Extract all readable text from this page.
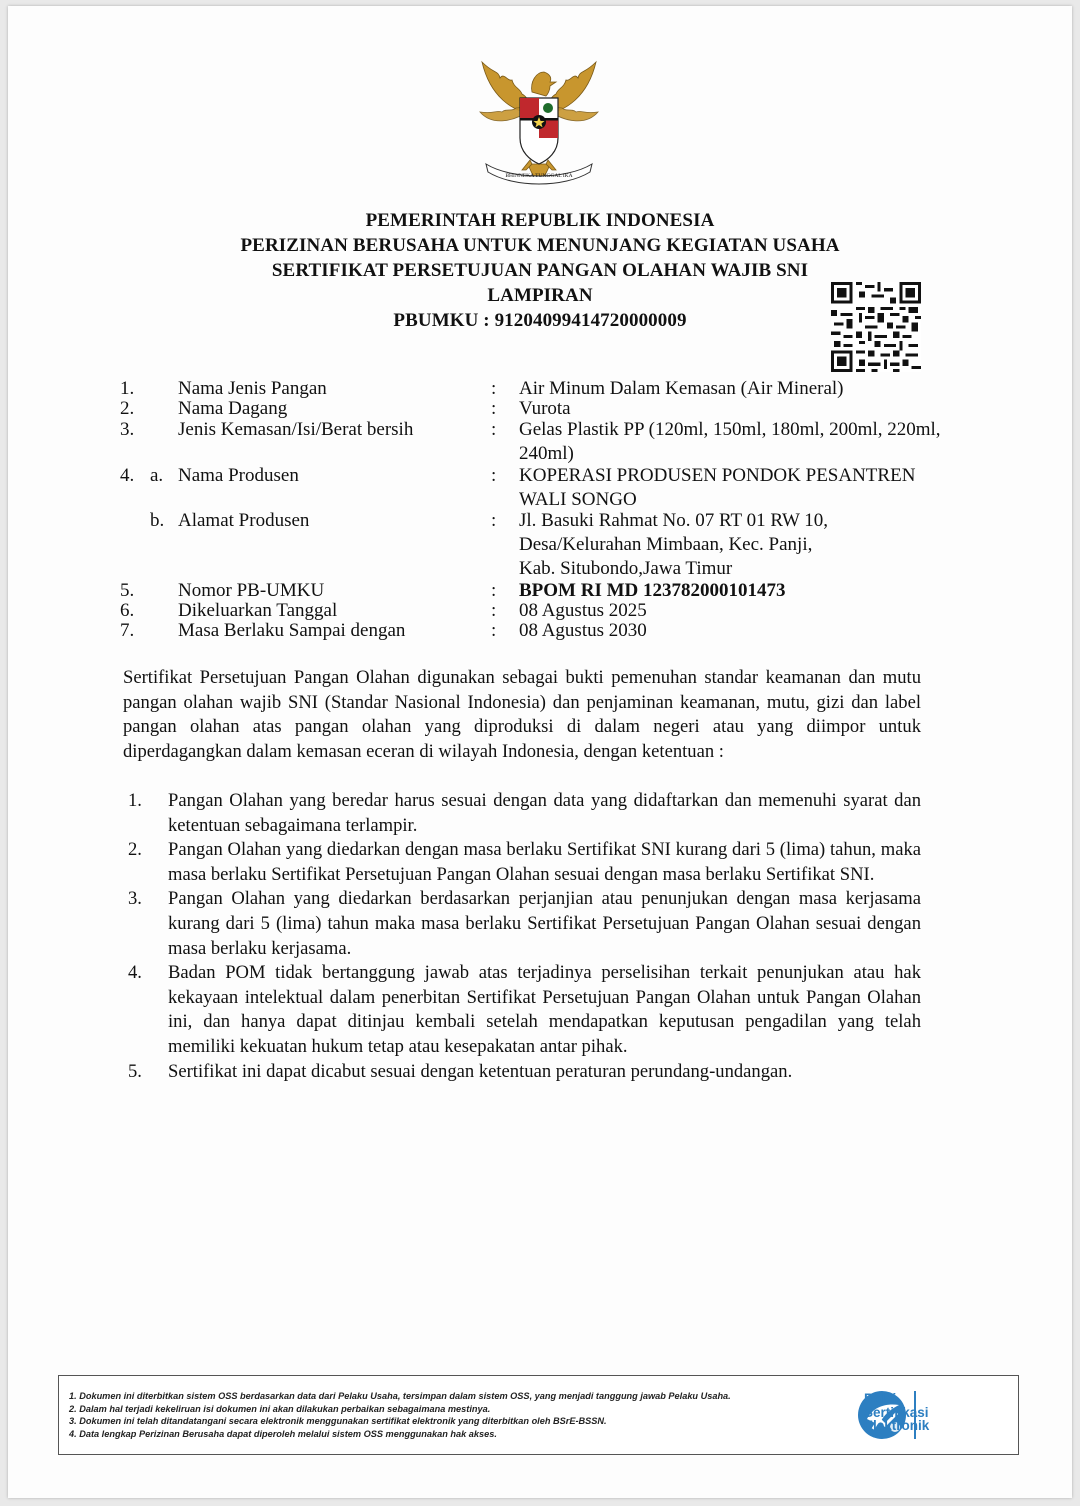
BHINNEKA TUNGGAL IKA
PEMERINTAH REPUBLIK INDONESIA
PERIZINAN BERUSAHA UNTUK MENUNJANG KEGIATAN USAHA
SERTIFIKAT PERSETUJUAN PANGAN OLAHAN WAJIB SNI
LAMPIRAN
PBUMKU : 91204099414720000009
1. Nama Jenis Pangan	: Air Minum Dalam Kemasan (Air Mineral)
2. Nama Dagang	: Vurota
3. Jenis Kemasan/Isi/Berat bersih	: Gelas Plastik PP (120ml, 150ml, 180ml, 200ml, 220ml, 240ml)
4. a. Nama Produsen	: KOPERASI PRODUSEN PONDOK PESANTREN WALI SONGO
b. Alamat Produsen	: Jl. Basuki Rahmat No. 07 RT 01 RW 10,
Desa/Kelurahan Mimbaan, Kec. Panji,
Kab. Situbondo,Jawa Timur
5. Nomor PB-UMKU	: BPOM RI MD 123782000101473
6. Dikeluarkan Tanggal	: 08 Agustus 2025
7. Masa Berlaku Sampai dengan	: 08 Agustus 2030
Sertifikat Persetujuan Pangan Olahan digunakan sebagai bukti pemenuhan standar keamanan dan mutu pangan olahan wajib SNI (Standar Nasional Indonesia) dan penjaminan keamanan, mutu, gizi dan label pangan olahan atas pangan olahan yang diproduksi di dalam negeri atau yang diimpor untuk diperdagangkan dalam kemasan eceran di wilayah Indonesia, dengan ketentuan :
1. Pangan Olahan yang beredar harus sesuai dengan data yang didaftarkan dan memenuhi syarat dan ketentuan sebagaimana terlampir.
2. Pangan Olahan yang diedarkan dengan masa berlaku Sertifikat SNI kurang dari 5 (lima) tahun, maka masa berlaku Sertifikat Persetujuan Pangan Olahan sesuai dengan masa berlaku Sertifikat SNI.
3. Pangan Olahan yang diedarkan berdasarkan perjanjian atau penunjukan dengan masa kerjasama kurang dari 5 (lima) tahun maka masa berlaku Sertifikat Persetujuan Pangan Olahan sesuai dengan masa berlaku kerjasama.
4. Badan POM tidak bertanggung jawab atas terjadinya perselisihan terkait penunjukan atau hak kekayaan intelektual dalam penerbitan Sertifikat Persetujuan Pangan Olahan untuk Pangan Olahan ini, dan hanya dapat ditinjau kembali setelah mendapatkan keputusan pengadilan yang telah memiliki kekuatan hukum tetap atau kesepakatan antar pihak.
5. Sertifikat ini dapat dicabut sesuai dengan ketentuan peraturan perundang-undangan.
1. Dokumen ini diterbitkan sistem OSS berdasarkan data dari Pelaku Usaha, tersimpan dalam sistem OSS, yang menjadi tanggung jawab Pelaku Usaha.
2. Dalam hal terjadi kekeliruan isi dokumen ini akan dilakukan perbaikan sebagaimana mestinya.
3. Dokumen ini telah ditandatangani secara elektronik menggunakan sertifikat elektronik yang diterbitkan oleh BSrE-BSSN.
4. Data lengkap Perizinan Berusaha dapat diperoleh melalui sistem OSS menggunakan hak akses.
Balai
Sertifikasi
Elektronik
